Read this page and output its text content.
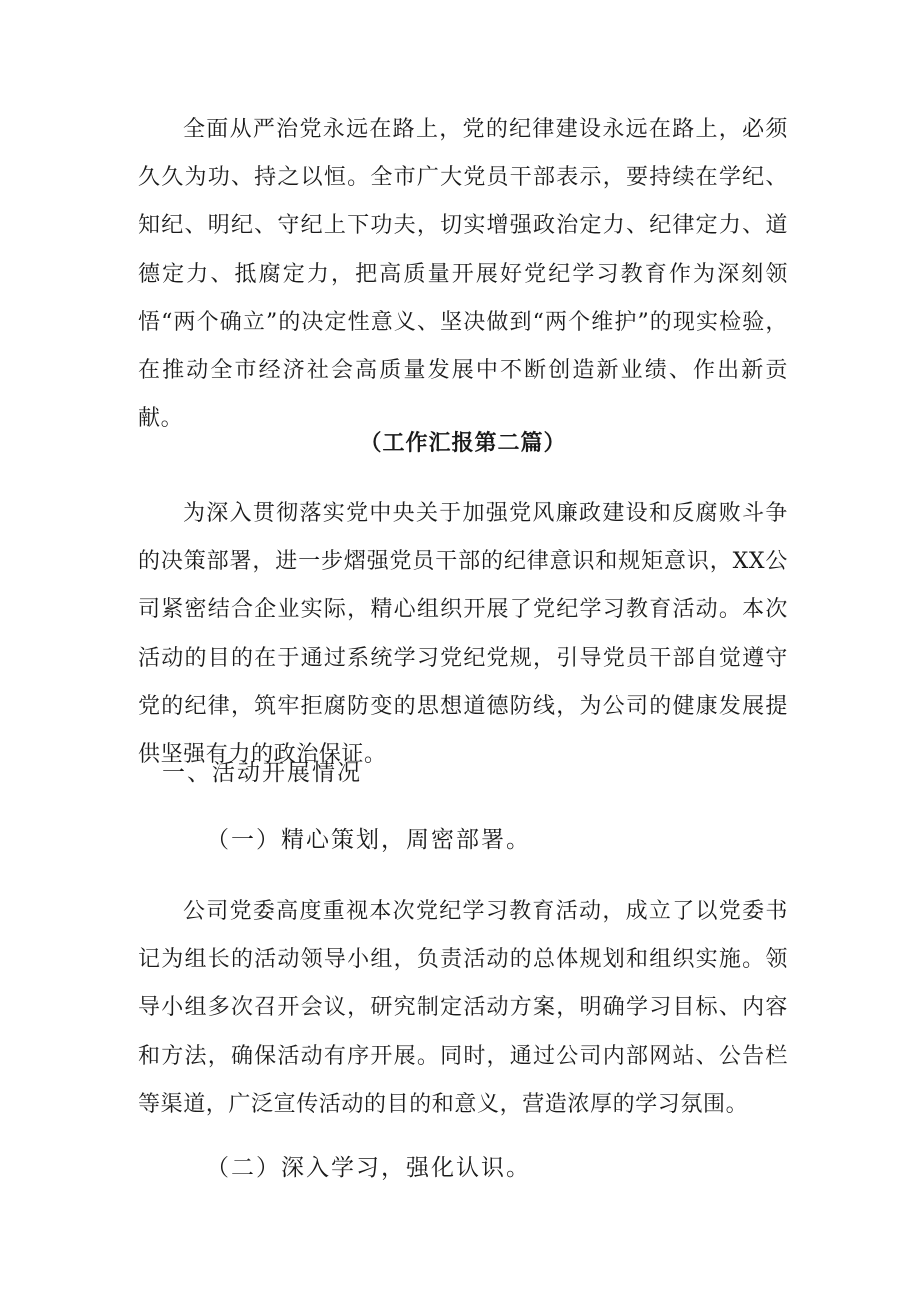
全面从严治党永远在路上，党的纪律建设永远在路上，必须久久为功、持之以恒。全市广大党员干部表示，要持续在学纪、知纪、明纪、守纪上下功夫，切实增强政治定力、纪律定力、道德定力、抵腐定力，把高质量开展好党纪学习教育作为深刻领悟“两个确立”的决定性意义、坚决做到“两个维护”的现实检验，在推动全市经济社会高质量发展中不断创造新业绩、作出新贡献。

（工作汇报第二篇）

为深入贯彻落实党中央关于加强党风廉政建设和反腐败斗争的决策部署，进一步熠强党员干部的纪律意识和规矩意识，XX公司紧密结合企业实际，精心组织开展了党纪学习教育活动。本次活动的目的在于通过系统学习党纪党规，引导党员干部自觉遵守党的纪律，筑牢拒腐防变的思想道德防线，为公司的健康发展提供坚强有力的政治保证。

一、活动开展情况

（一）精心策划，周密部署。

公司党委高度重视本次党纪学习教育活动，成立了以党委书记为组长的活动领导小组，负责活动的总体规划和组织实施。领导小组多次召开会议，研究制定活动方案，明确学习目标、内容和方法，确保活动有序开展。同时，通过公司内部网站、公告栏等渠道，广泛宣传活动的目的和意义，营造浓厚的学习氛围。

（二）深入学习，强化认识。
